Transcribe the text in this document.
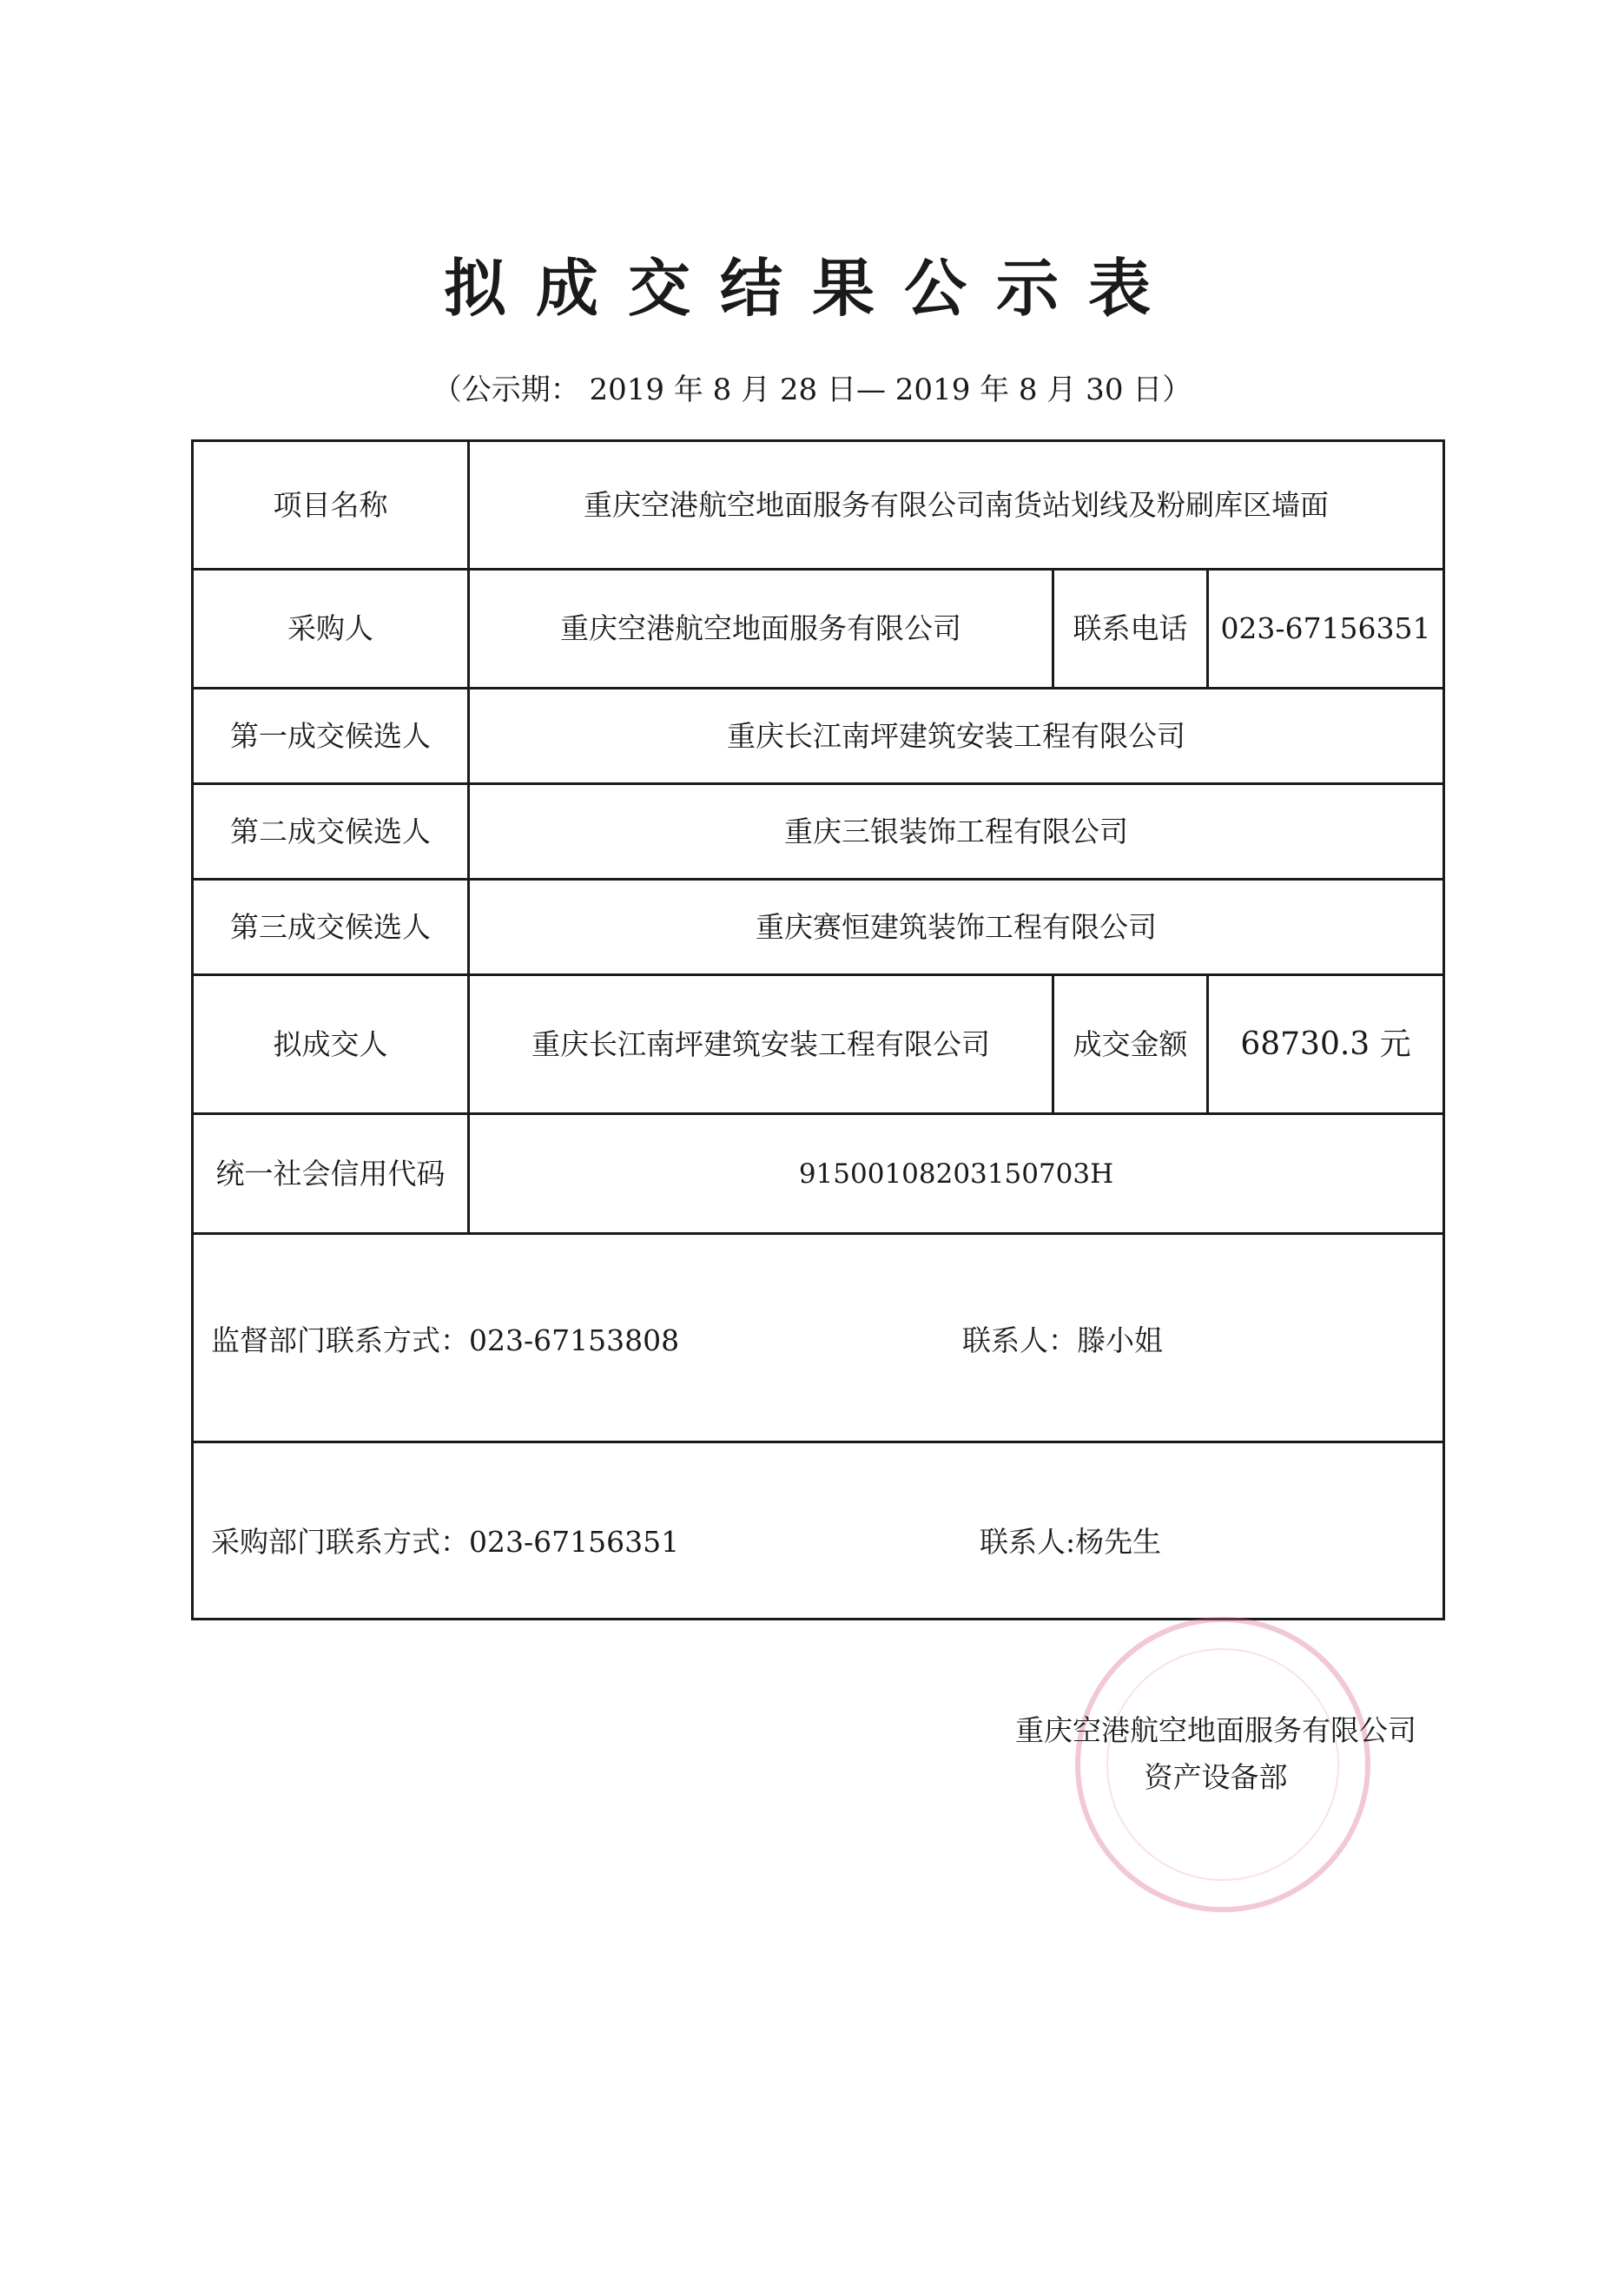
拟成交结果公示表
（公示期： 2019 年 8 月 28 日— 2019 年 8 月 30 日）
项目名称	重庆空港航空地面服务有限公司南货站划线及粉刷库区墙面
采购人	重庆空港航空地面服务有限公司	联系电话	023-67156351
第一成交候选人	重庆长江南坪建筑安装工程有限公司
第二成交候选人	重庆三银装饰工程有限公司
第三成交候选人	重庆赛恒建筑装饰工程有限公司
拟成交人	重庆长江南坪建筑安装工程有限公司	成交金额	68730.3 元
统一社会信用代码	91500108203150703H
监督部门联系方式：023-67153808	联系人：滕小姐
采购部门联系方式：023-67156351	联系人:杨先生
重庆空港航空地面服务有限公司
资产设备部
